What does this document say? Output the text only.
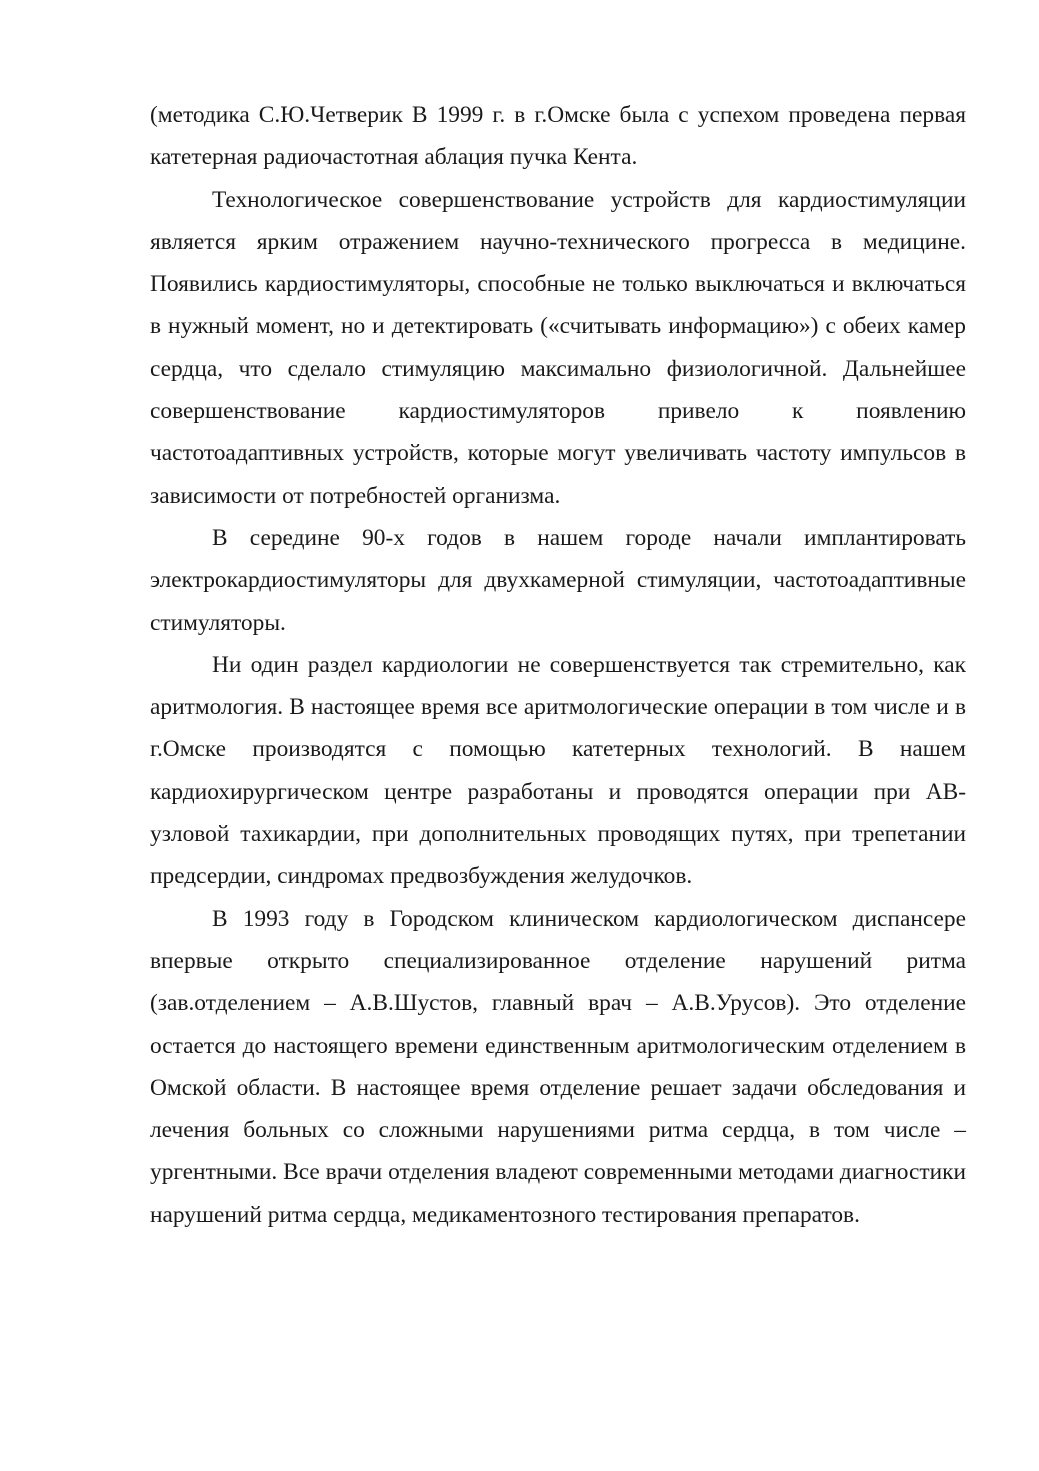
(методика С.Ю.Четверик В 1999 г. в г.Омске была с успехом проведена первая катетерная радиочастотная аблация пучка Кента.

Технологическое совершенствование устройств для кардиостимуляции является ярким отражением научно-технического прогресса в медицине. Появились кардиостимуляторы, способные не только выключаться и включаться в нужный момент, но и детектировать («считывать информацию») с обеих камер сердца, что сделало стимуляцию максимально физиологичной. Дальнейшее совершенствование кардиостимуляторов привело к появлению частотоадаптивных устройств, которые могут увеличивать частоту импульсов в зависимости от потребностей организма.

В середине 90-х годов в нашем городе начали имплантировать электрокардиостимуляторы для двухкамерной стимуляции, частотоадаптивные стимуляторы.

Ни один раздел кардиологии не совершенствуется так стремительно, как аритмология. В настоящее время все аритмологические операции в том числе и в г.Омске производятся с помощью катетерных технологий. В нашем кардиохирургическом центре разработаны и проводятся операции при АВ-узловой тахикардии, при дополнительных проводящих путях, при трепетании предсердии, синдромах предвозбуждения желудочков.

В 1993 году в Городском клиническом кардиологическом диспансере впервые открыто специализированное отделение нарушений ритма (зав.отделением – А.В.Шустов, главный врач – А.В.Урусов). Это отделение остается до настоящего времени единственным аритмологическим отделением в Омской области. В настоящее время отделение решает задачи обследования и лечения больных со сложными нарушениями ритма сердца, в том числе – ургентными. Все врачи отделения владеют современными методами диагностики нарушений ритма сердца, медикаментозного тестирования препаратов.
